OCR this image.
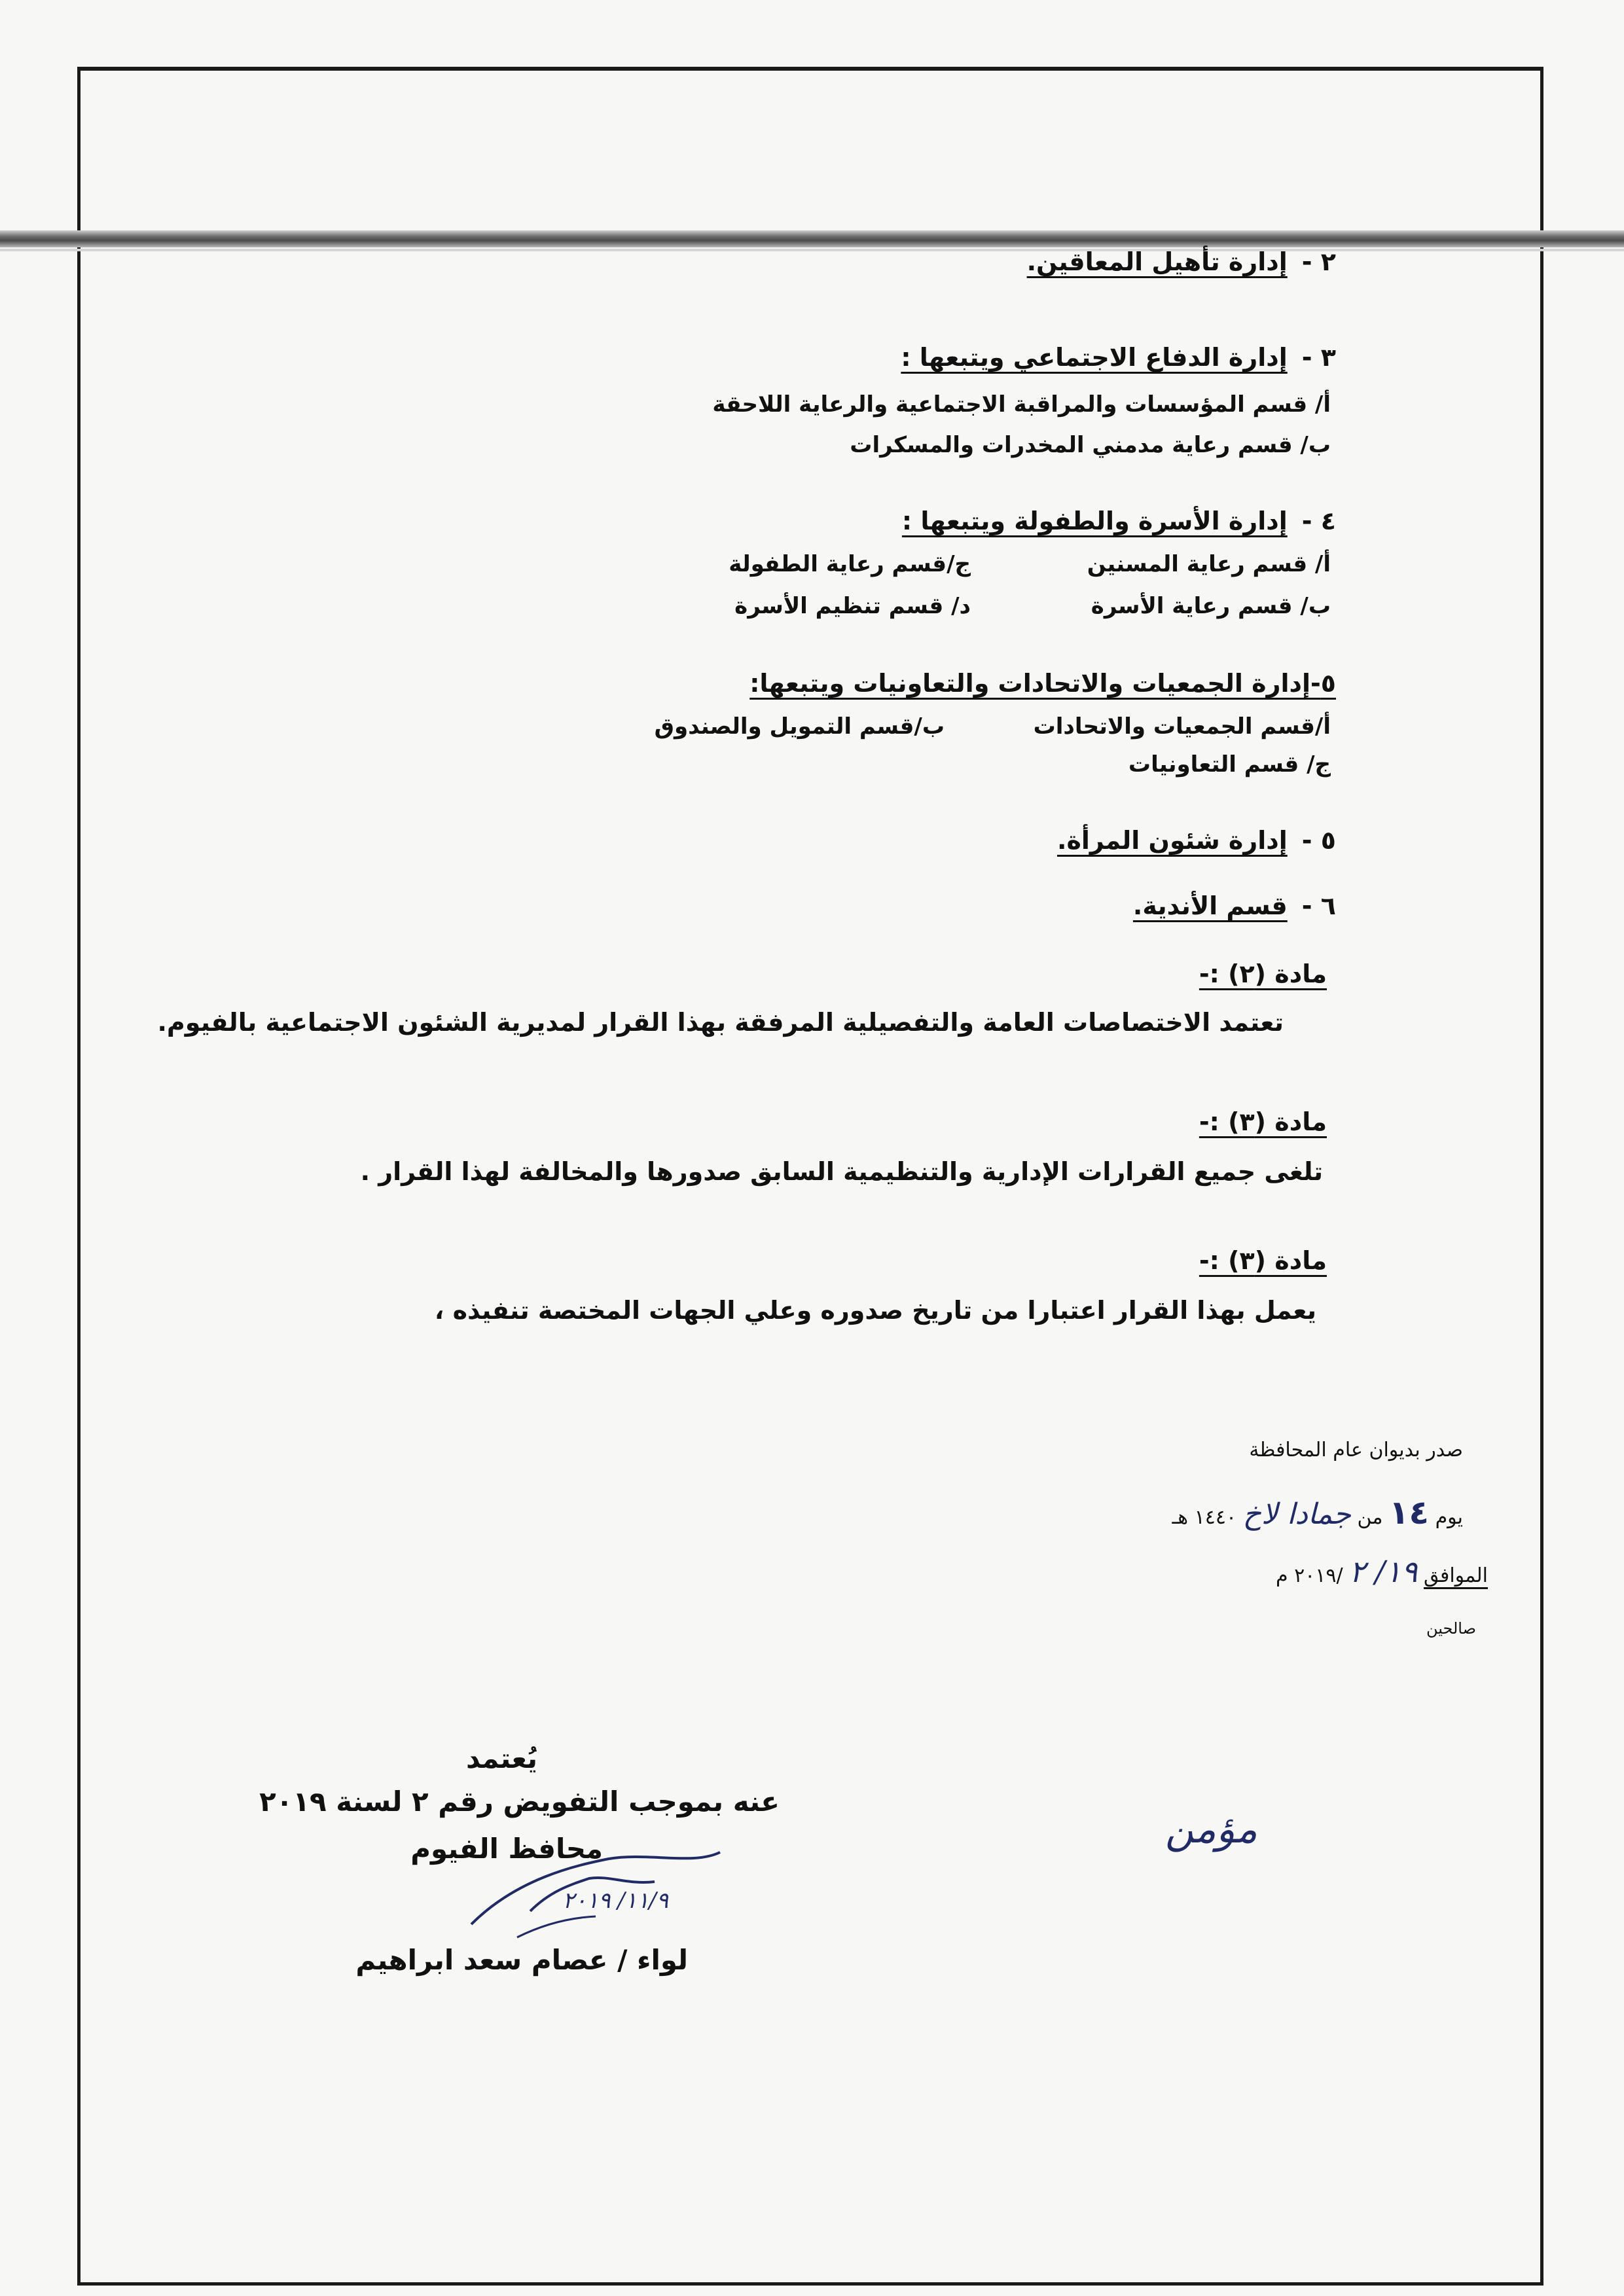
٢ -إدارة تأهيل المعاقين.
٣ -إدارة الدفاع الاجتماعي ويتبعها :
أ/ قسم المؤسسات والمراقبة الاجتماعية والرعاية اللاحقة
ب/ قسم رعاية مدمني المخدرات والمسكرات
٤ -إدارة الأسرة والطفولة ويتبعها :
أ/ قسم رعاية المسنين
ج/قسم رعاية الطفولة
ب/ قسم رعاية الأسرة
د/ قسم تنظيم الأسرة
٥-إدارة الجمعيات والاتحادات والتعاونيات ويتبعها:
أ/قسم الجمعيات والاتحادات
ب/قسم التمويل والصندوق
ج/ قسم التعاونيات
٥ -إدارة شئون المرأة.
٦ -قسم الأندية.
مادة (٢) :-
تعتمد الاختصاصات العامة والتفصيلية المرفقة بهذا القرار لمديرية الشئون الاجتماعية بالفيوم.
مادة (٣) :-
تلغى جميع القرارات الإدارية والتنظيمية السابق صدورها والمخالفة لهذا القرار .
مادة (٣) :-
يعمل بهذا القرار اعتبارا من تاريخ صدوره وعلي الجهات المختصة تنفيذه ،
صدر بديوان عام المحافظة
يوم ١٤ من جمادا لاخ ١٤٤٠ هـ
الموافق ١٩/ ٢ /٢٠١٩ م
صالحين
يُعتمد
عنه بموجب التفويض رقم ٢ لسنة ٢٠١٩
محافظ الفيوم
١١/٩/ ٢٠١٩
لواء / عصام سعد ابراهيم
مؤمن
